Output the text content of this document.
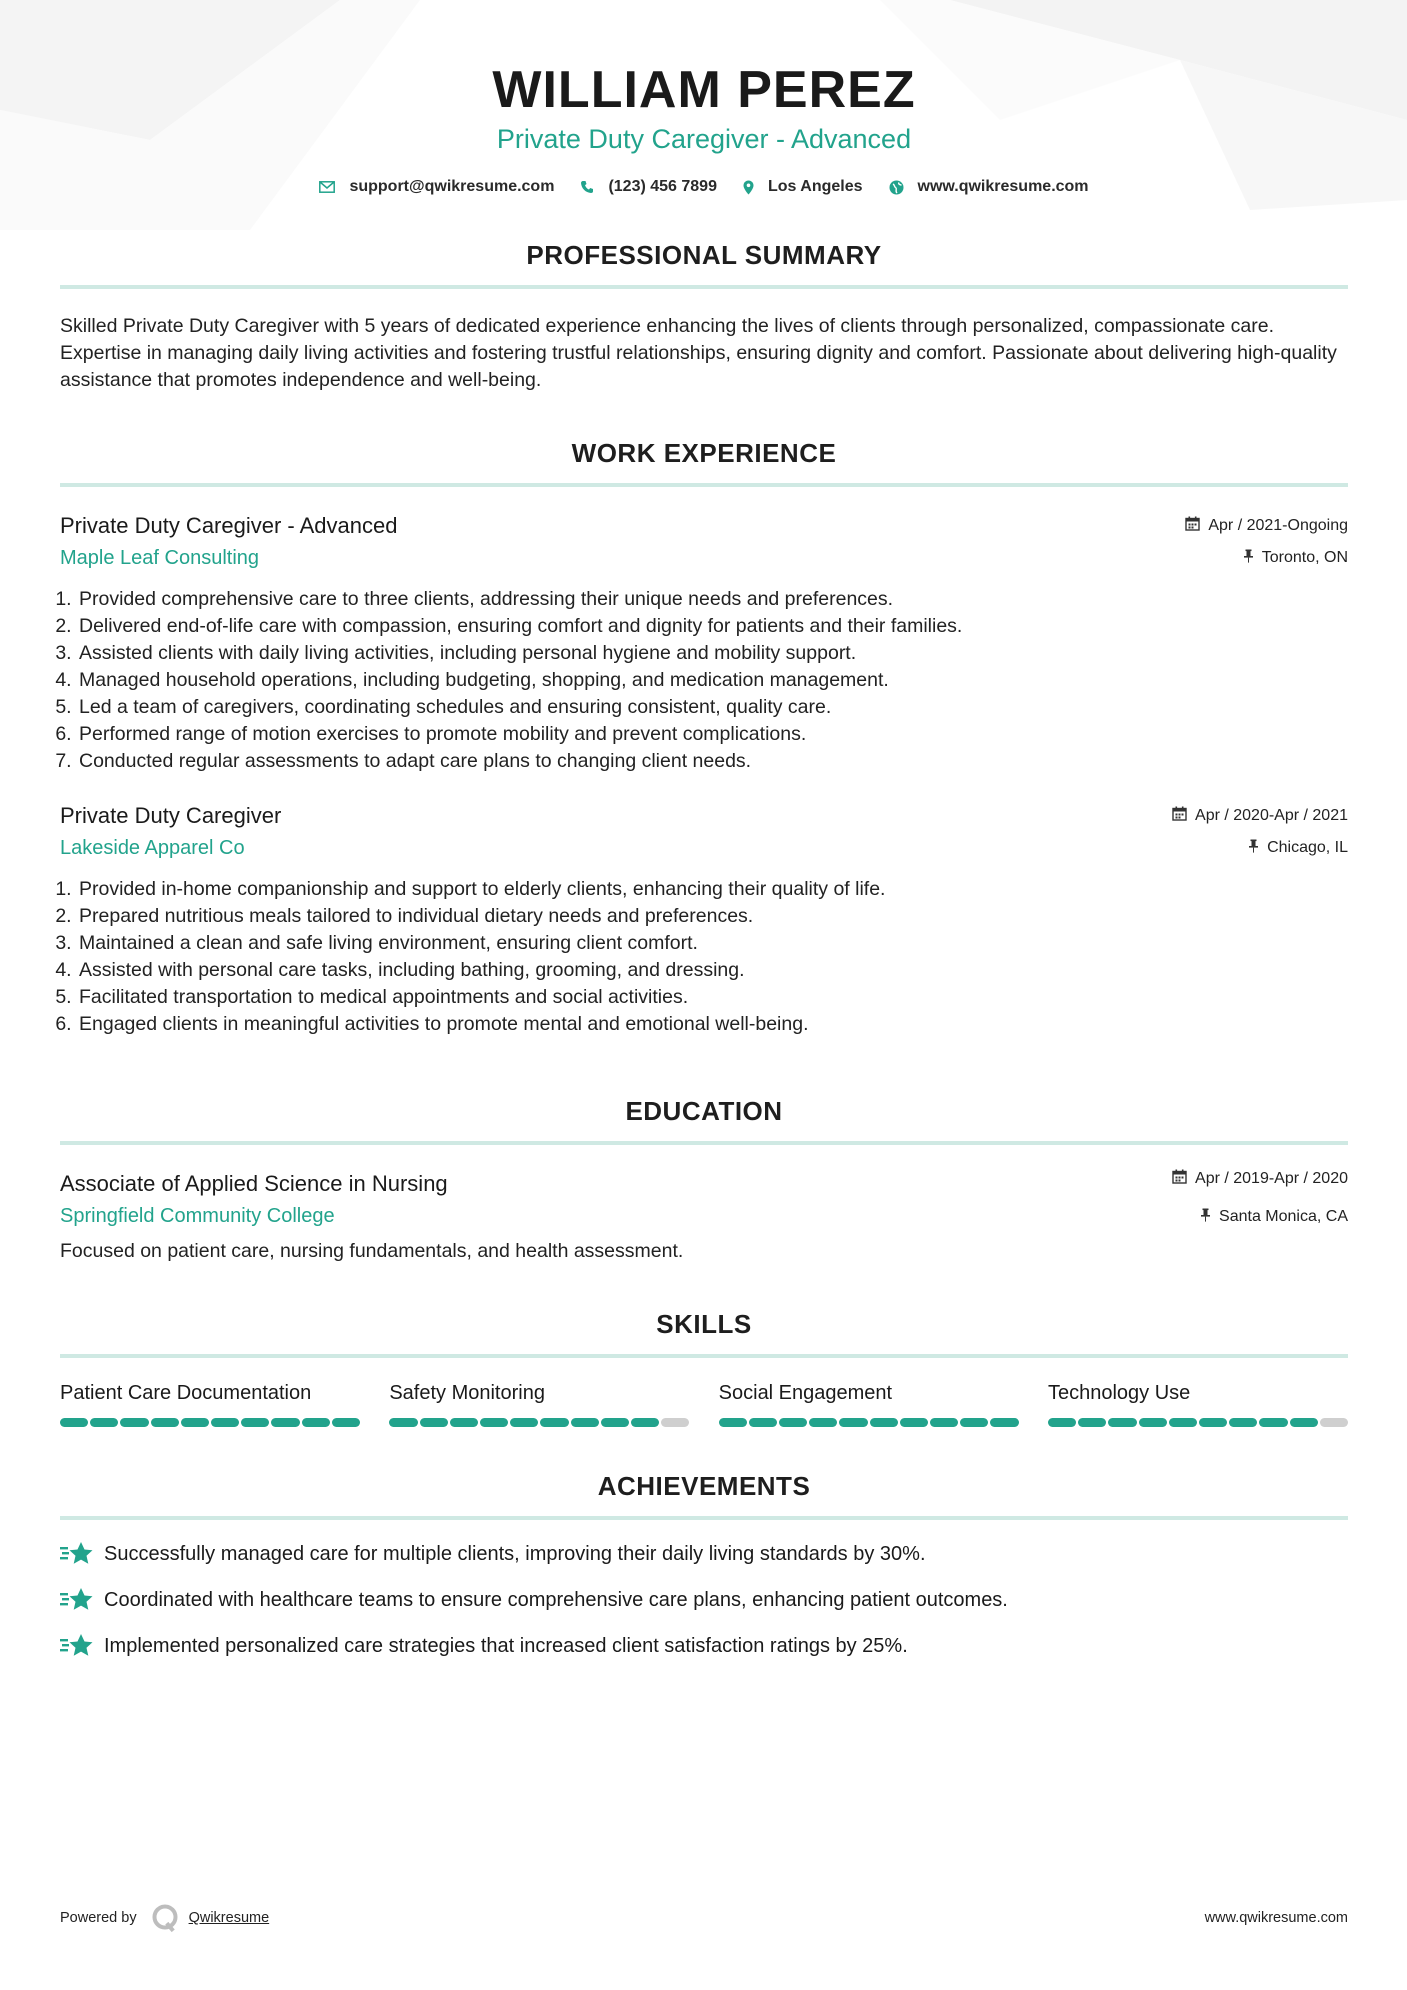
WILLIAM PEREZ
Private Duty Caregiver - Advanced
support@qwikresume.com	(123) 456 7899	Los Angeles	www.qwikresume.com
PROFESSIONAL SUMMARY
Skilled Private Duty Caregiver with 5 years of dedicated experience enhancing the lives of clients through personalized, compassionate care. Expertise in managing daily living activities and fostering trustful relationships, ensuring dignity and comfort. Passionate about delivering high-quality assistance that promotes independence and well-being.
WORK EXPERIENCE
Private Duty Caregiver - Advanced
Maple Leaf Consulting
Apr / 2021-Ongoing
Toronto, ON
1. Provided comprehensive care to three clients, addressing their unique needs and preferences.
2. Delivered end-of-life care with compassion, ensuring comfort and dignity for patients and their families.
3. Assisted clients with daily living activities, including personal hygiene and mobility support.
4. Managed household operations, including budgeting, shopping, and medication management.
5. Led a team of caregivers, coordinating schedules and ensuring consistent, quality care.
6. Performed range of motion exercises to promote mobility and prevent complications.
7. Conducted regular assessments to adapt care plans to changing client needs.
Private Duty Caregiver
Lakeside Apparel Co
Apr / 2020-Apr / 2021
Chicago, IL
1. Provided in-home companionship and support to elderly clients, enhancing their quality of life.
2. Prepared nutritious meals tailored to individual dietary needs and preferences.
3. Maintained a clean and safe living environment, ensuring client comfort.
4. Assisted with personal care tasks, including bathing, grooming, and dressing.
5. Facilitated transportation to medical appointments and social activities.
6. Engaged clients in meaningful activities to promote mental and emotional well-being.
EDUCATION
Associate of Applied Science in Nursing
Springfield Community College
Apr / 2019-Apr / 2020
Santa Monica, CA
Focused on patient care, nursing fundamentals, and health assessment.
SKILLS
Patient Care Documentation	Safety Monitoring	Social Engagement	Technology Use
ACHIEVEMENTS
Successfully managed care for multiple clients, improving their daily living standards by 30%.
Coordinated with healthcare teams to ensure comprehensive care plans, enhancing patient outcomes.
Implemented personalized care strategies that increased client satisfaction ratings by 25%.
Powered by	Qwikresume	www.qwikresume.com
